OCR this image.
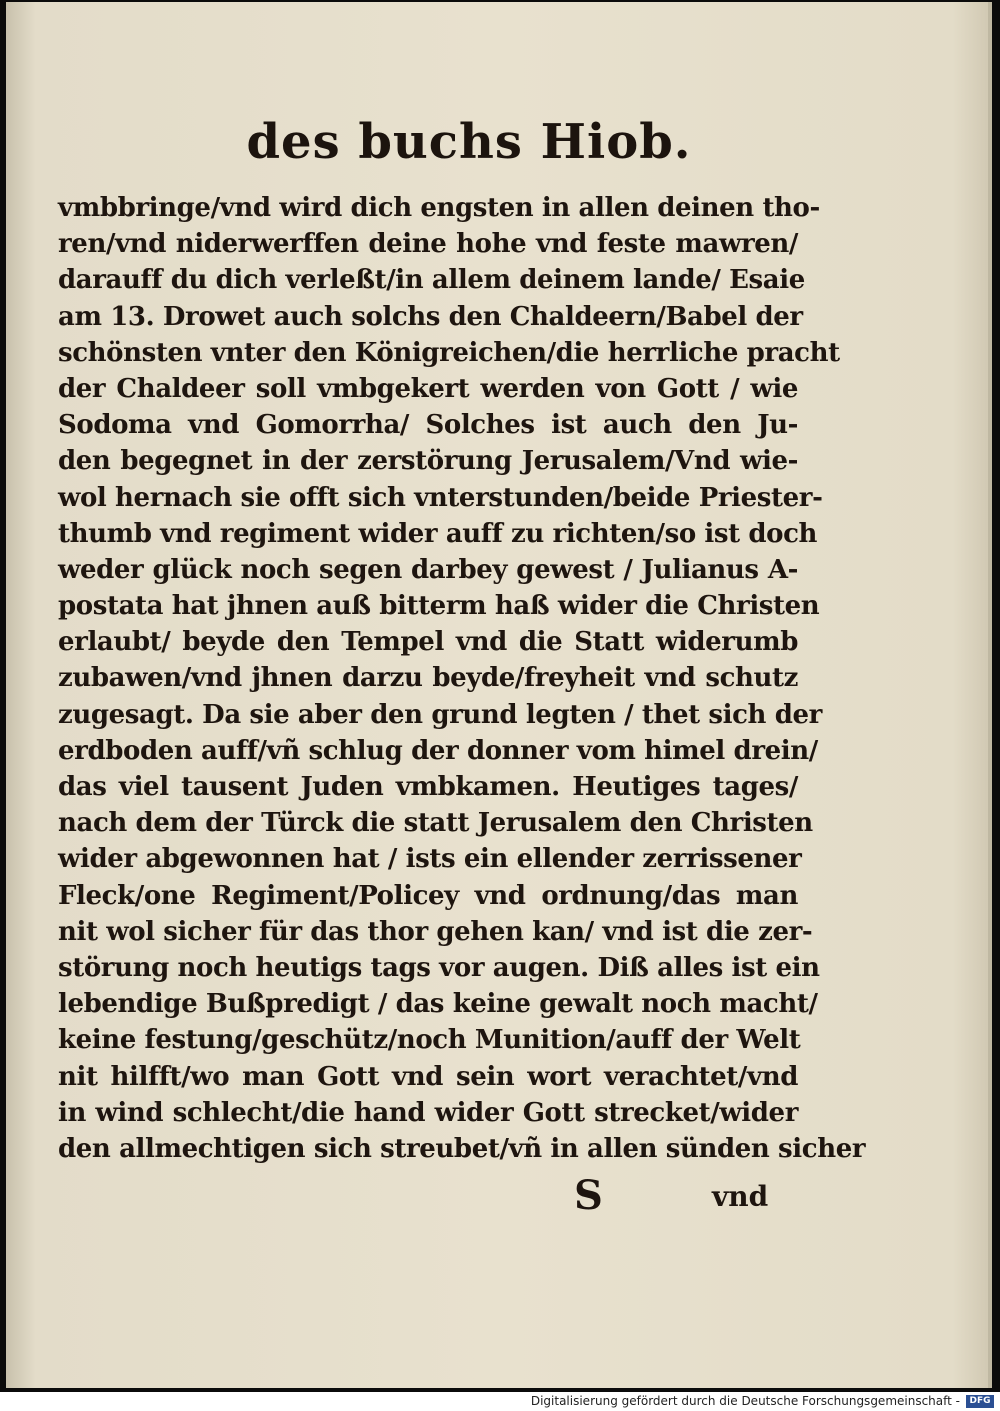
des buchs Hiob.
vmbbringe/vnd wird dich engsten in allen deinen tho-
ren/vnd niderwerffen deine hohe vnd feste mawren/
darauff du dich verleßt/in allem deinem lande/ Esaie
am 13. Drowet auch solchs den Chaldeern/Babel der
schönsten vnter den Königreichen/die herrliche pracht
der Chaldeer soll vmbgekert werden von Gott / wie
Sodoma vnd Gomorrha/ Solches ist auch den Ju-
den begegnet in der zerstörung Jerusalem/Vnd wie-
wol hernach sie offt sich vnterstunden/beide Priester-
thumb vnd regiment wider auff zu richten/so ist doch
weder glück noch segen darbey gewest / Julianus A-
postata hat jhnen auß bitterm haß wider die Christen
erlaubt/ beyde den Tempel vnd die Statt widerumb
zubawen/vnd jhnen darzu beyde/freyheit vnd schutz
zugesagt. Da sie aber den grund legten / thet sich der
erdboden auff/vñ schlug der donner vom himel drein/
das viel tausent Juden vmbkamen. Heutiges tages/
nach dem der Türck die statt Jerusalem den Christen
wider abgewonnen hat / ists ein ellender zerrissener
Fleck/one Regiment/Policey vnd ordnung/das man
nit wol sicher für das thor gehen kan/ vnd ist die zer-
störung noch heutigs tags vor augen. Diß alles ist ein
lebendige Bußpredigt / das keine gewalt noch macht/
keine festung/geschütz/noch Munition/auff der Welt
nit hilfft/wo man Gott vnd sein wort verachtet/vnd
in wind schlecht/die hand wider Gott strecket/wider
den allmechtigen sich streubet/vñ in allen sünden sicher
S	vnd
Digitalisierung gefördert durch die Deutsche Forschungsgemeinschaft -	DFG
